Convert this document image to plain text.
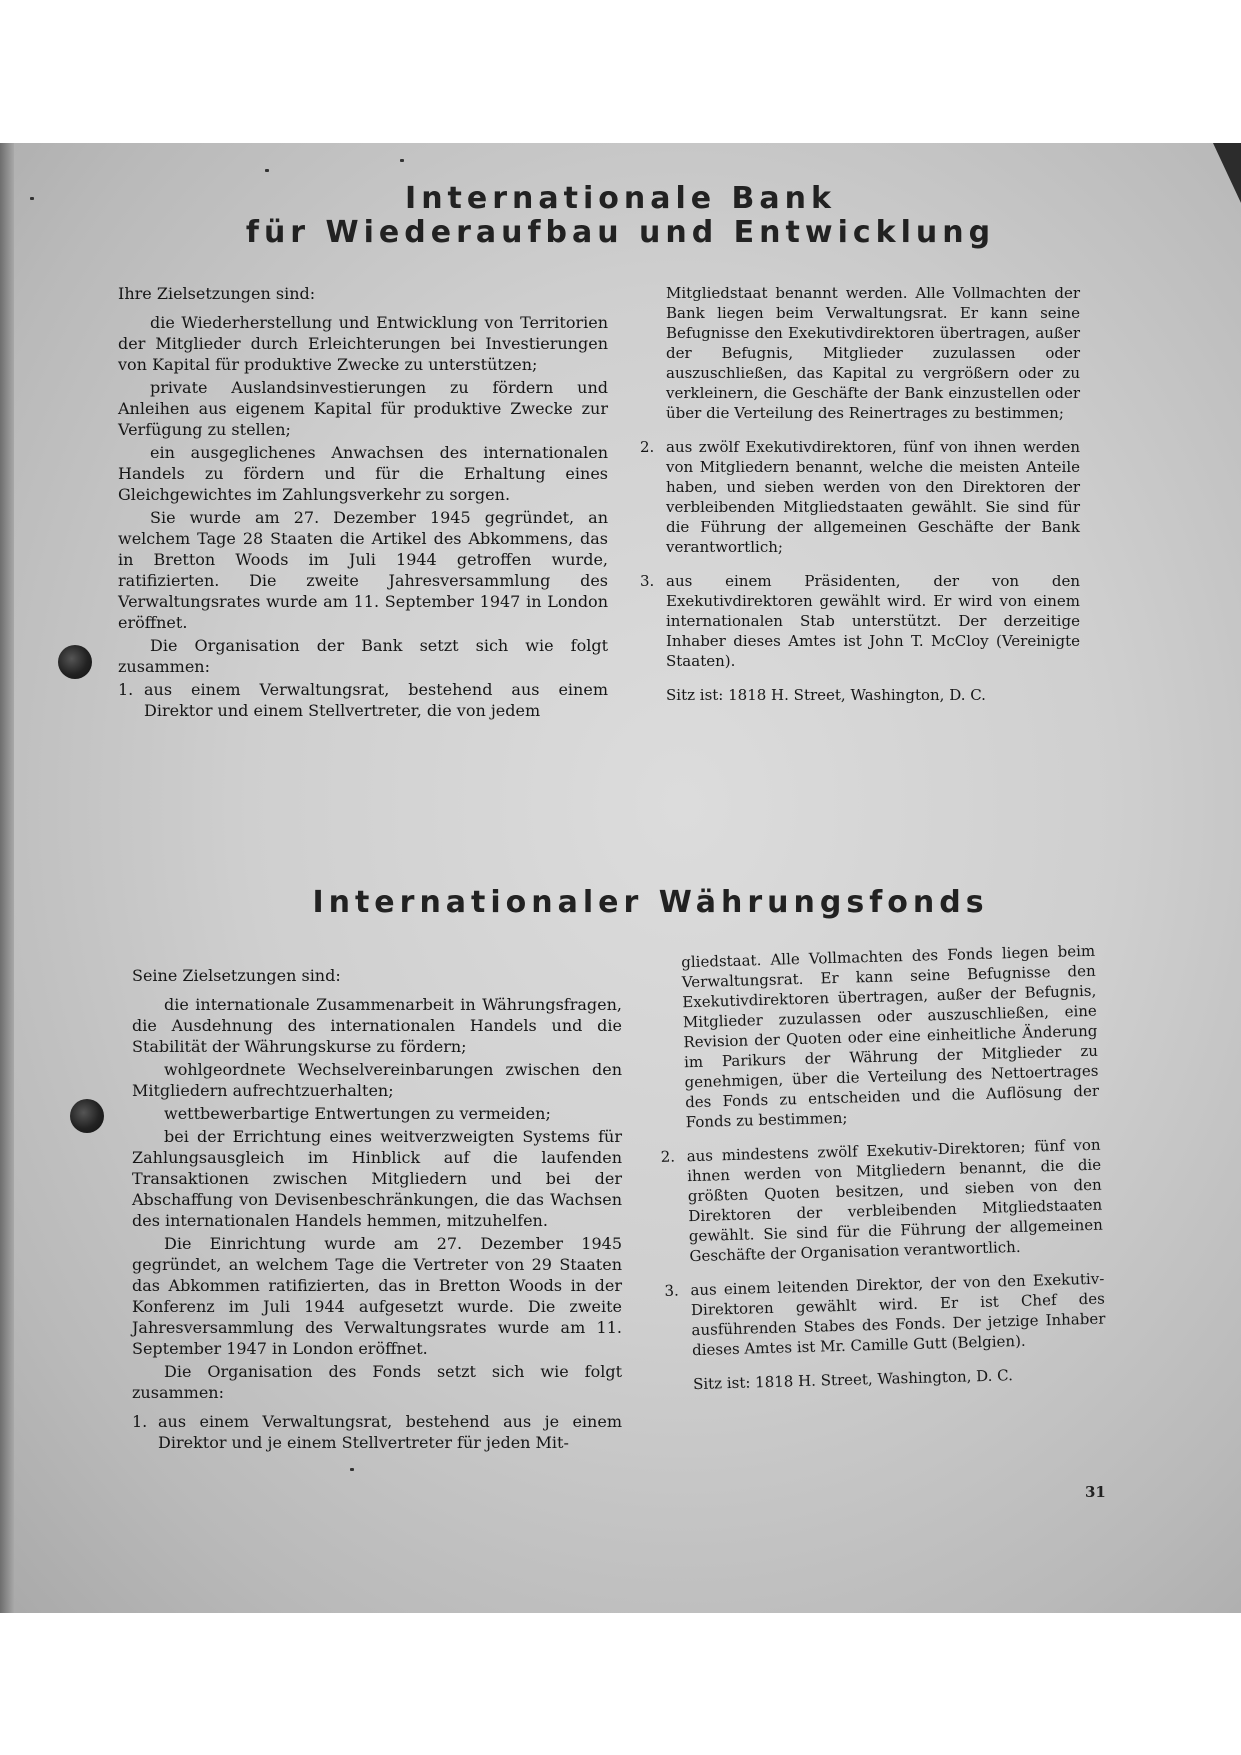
Internationale Bank
für Wiederaufbau und Entwicklung

Ihre Zielsetzungen sind:

die Wiederherstellung und Entwicklung von Territorien der Mitglieder durch Erleichterungen bei Investierungen von Kapital für produktive Zwecke zu unterstützen;

private Auslandsinvestierungen zu fördern und Anleihen aus eigenem Kapital für produktive Zwecke zur Verfügung zu stellen;

ein ausgeglichenes Anwachsen des internationalen Handels zu fördern und für die Erhaltung eines Gleichgewichtes im Zahlungsverkehr zu sorgen.

Sie wurde am 27. Dezember 1945 gegründet, an welchem Tage 28 Staaten die Artikel des Abkommens, das in Bretton Woods im Juli 1944 getroffen wurde, ratifizierten. Die zweite Jahresversammlung des Verwaltungsrates wurde am 11. September 1947 in London eröffnet.

Die Organisation der Bank setzt sich wie folgt zusammen:

1. aus einem Verwaltungsrat, bestehend aus einem Direktor und einem Stellvertreter, die von jedem

Mitgliedstaat benannt werden. Alle Vollmachten der Bank liegen beim Verwaltungsrat. Er kann seine Befugnisse den Exekutivdirektoren übertragen, außer der Befugnis, Mitglieder zuzulassen oder auszuschließen, das Kapital zu vergrößern oder zu verkleinern, die Geschäfte der Bank einzustellen oder über die Verteilung des Reinertrages zu bestimmen;

2. aus zwölf Exekutivdirektoren, fünf von ihnen werden von Mitgliedern benannt, welche die meisten Anteile haben, und sieben werden von den Direktoren der verbleibenden Mitgliedstaaten gewählt. Sie sind für die Führung der allgemeinen Geschäfte der Bank verantwortlich;
3. aus einem Präsidenten, der von den Exekutivdirektoren gewählt wird. Er wird von einem internationalen Stab unterstützt. Der derzeitige Inhaber dieses Amtes ist John T. McCloy (Vereinigte Staaten).

Sitz ist: 1818 H. Street, Washington, D. C.

Internationaler Währungsfonds

Seine Zielsetzungen sind:

die internationale Zusammenarbeit in Währungsfragen, die Ausdehnung des internationalen Handels und die Stabilität der Währungskurse zu fördern;

wohlgeordnete Wechselvereinbarungen zwischen den Mitgliedern aufrechtzuerhalten;

wettbewerbartige Entwertungen zu vermeiden;

bei der Errichtung eines weitverzweigten Systems für Zahlungsausgleich im Hinblick auf die laufenden Transaktionen zwischen Mitgliedern und bei der Abschaffung von Devisenbeschränkungen, die das Wachsen des internationalen Handels hemmen, mitzuhelfen.

Die Einrichtung wurde am 27. Dezember 1945 gegründet, an welchem Tage die Vertreter von 29 Staaten das Abkommen ratifizierten, das in Bretton Woods in der Konferenz im Juli 1944 aufgesetzt wurde. Die zweite Jahresversammlung des Verwaltungsrates wurde am 11. September 1947 in London eröffnet.

Die Organisation des Fonds setzt sich wie folgt zusammen:

1. aus einem Verwaltungsrat, bestehend aus je einem Direktor und je einem Stellvertreter für jeden Mit-

gliedstaat. Alle Vollmachten des Fonds liegen beim Verwaltungsrat. Er kann seine Befugnisse den Exekutivdirektoren übertragen, außer der Befugnis, Mitglieder zuzulassen oder auszuschließen, eine Revision der Quoten oder eine einheitliche Änderung im Parikurs der Währung der Mitglieder zu genehmigen, über die Verteilung des Nettoertrages des Fonds zu entscheiden und die Auflösung der Fonds zu bestimmen;

2. aus mindestens zwölf Exekutiv-Direktoren; fünf von ihnen werden von Mitgliedern benannt, die die größten Quoten besitzen, und sieben von den Direktoren der verbleibenden Mitgliedstaaten gewählt. Sie sind für die Führung der allgemeinen Geschäfte der Organisation verantwortlich.
3. aus einem leitenden Direktor, der von den Exekutiv-Direktoren gewählt wird. Er ist Chef des ausführenden Stabes des Fonds. Der jetzige Inhaber dieses Amtes ist Mr. Camille Gutt (Belgien).

Sitz ist: 1818 H. Street, Washington, D. C.

31
